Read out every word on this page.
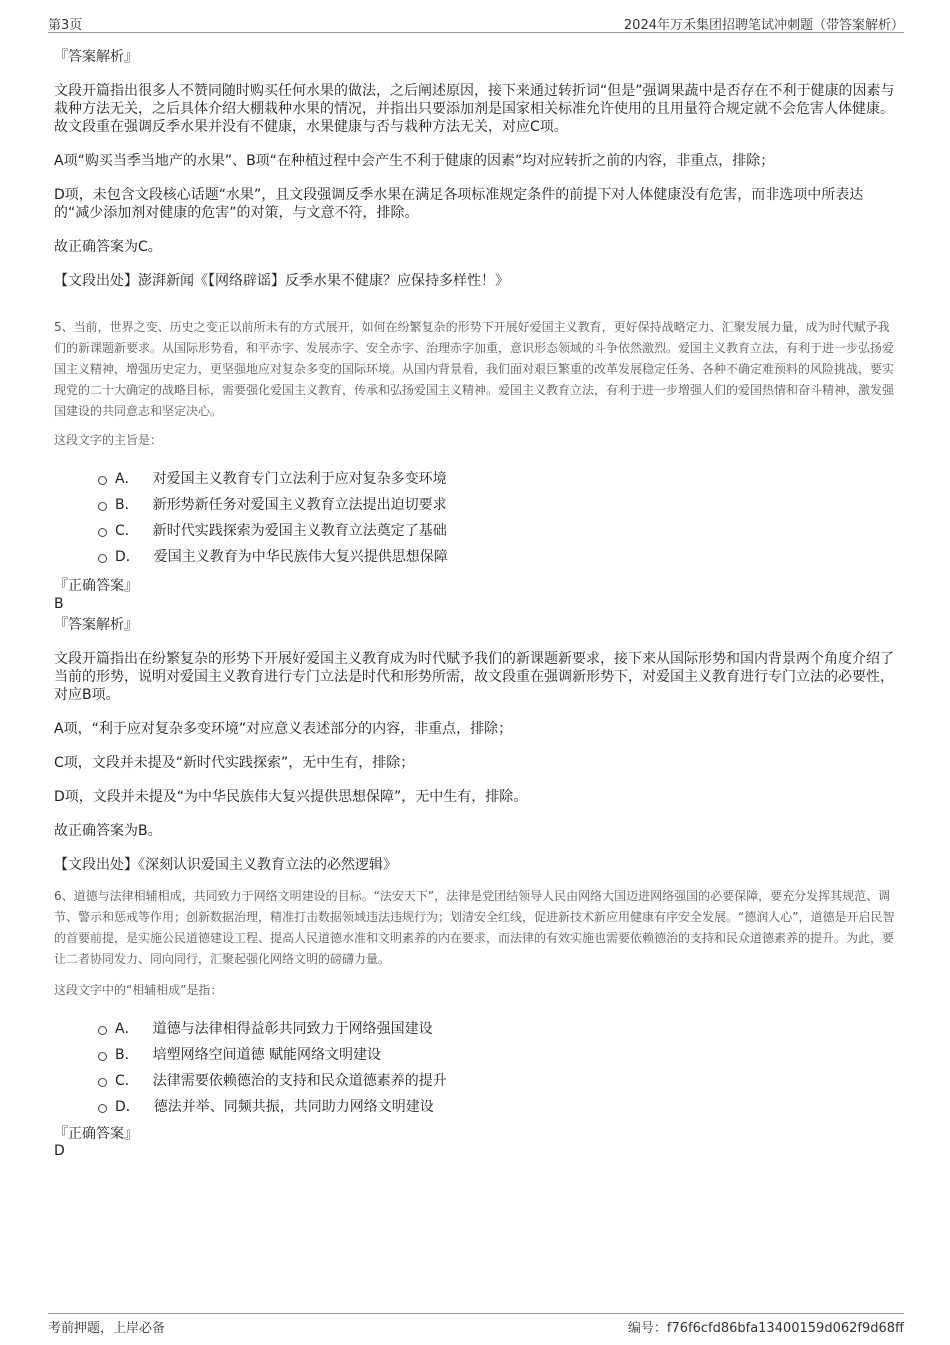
第3页	2024年万禾集团招聘笔试冲刺题（带答案解析）

『答案解析』

文段开篇指出很多人不赞同随时购买任何水果的做法，之后阐述原因，接下来通过转折词“但是”强调果蔬中是否存在不利于健康的因素与栽种方法无关，之后具体介绍大棚栽种水果的情况，并指出只要添加剂是国家相关标准允许使用的且用量符合规定就不会危害人体健康。故文段重在强调反季水果并没有不健康，水果健康与否与栽种方法无关，对应C项。

A项“购买当季当地产的水果”、B项“在种植过程中会产生不利于健康的因素”均对应转折之前的内容，非重点，排除；

D项，未包含文段核心话题“水果”，且文段强调反季水果在满足各项标准规定条件的前提下对人体健康没有危害，而非选项中所表达的“减少添加剂对健康的危害”的对策，与文意不符，排除。

故正确答案为C。

【文段出处】澎湃新闻《【网络辟谣】反季水果不健康？应保持多样性！》

5、当前，世界之变、历史之变正以前所未有的方式展开，如何在纷繁复杂的形势下开展好爱国主义教育，更好保持战略定力、汇聚发展力量，成为时代赋予我们的新课题新要求。从国际形势看，和平赤字、发展赤字、安全赤字、治理赤字加重，意识形态领域的斗争依然激烈。爱国主义教育立法，有利于进一步弘扬爱国主义精神，增强历史定力，更坚强地应对复杂多变的国际环境。从国内背景看，我们面对艰巨繁重的改革发展稳定任务、各种不确定难预料的风险挑战，要实现党的二十大确定的战略目标，需要强化爱国主义教育，传承和弘扬爱国主义精神。爱国主义教育立法，有利于进一步增强人们的爱国热情和奋斗精神，激发强国建设的共同意志和坚定决心。

这段文字的主旨是：

A． 对爱国主义教育专门立法利于应对复杂多变环境
B． 新形势新任务对爱国主义教育立法提出迫切要求
C． 新时代实践探索为爱国主义教育立法奠定了基础
D． 爱国主义教育为中华民族伟大复兴提供思想保障

『正确答案』

B

『答案解析』

文段开篇指出在纷繁复杂的形势下开展好爱国主义教育成为时代赋予我们的新课题新要求，接下来从国际形势和国内背景两个角度介绍了当前的形势，说明对爱国主义教育进行专门立法是时代和形势所需，故文段重在强调新形势下，对爱国主义教育进行专门立法的必要性，对应B项。

A项，“利于应对复杂多变环境”对应意义表述部分的内容，非重点，排除；

C项，文段并未提及“新时代实践探索”，无中生有，排除；

D项，文段并未提及“为中华民族伟大复兴提供思想保障”，无中生有，排除。

故正确答案为B。

【文段出处】《深刻认识爱国主义教育立法的必然逻辑》

6、道德与法律相辅相成，共同致力于网络文明建设的目标。“法安天下”，法律是党团结领导人民由网络大国迈进网络强国的必要保障，要充分发挥其规范、调节、警示和惩戒等作用；创新数据治理，精准打击数据领域违法违规行为；划清安全红线，促进新技术新应用健康有序安全发展。“德润人心”，道德是开启民智的首要前提，是实施公民道德建设工程、提高人民道德水准和文明素养的内在要求，而法律的有效实施也需要依赖德治的支持和民众道德素养的提升。为此，要让二者协同发力、同向同行，汇聚起强化网络文明的磅礴力量。

这段文字中的“相辅相成”是指：

A． 道德与法律相得益彰共同致力于网络强国建设
B． 培塑网络空间道德 赋能网络文明建设
C． 法律需要依赖德治的支持和民众道德素养的提升
D． 德法并举、同频共振，共同助力网络文明建设

『正确答案』

D

考前押题，上岸必备	编号：f76f6cfd86bfa13400159d062f9d68ff
